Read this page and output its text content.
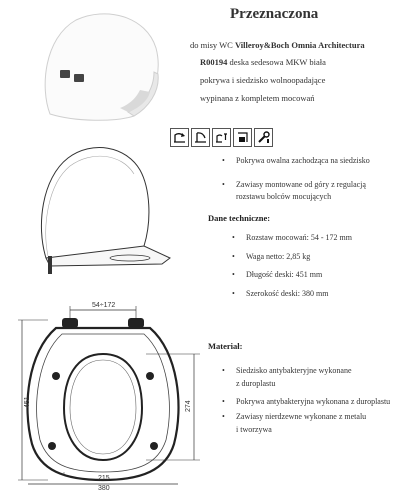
Przeznaczona
do misy WC Villeroy&Boch Omnia Architectura
R00194 deska sedesowa MKW biała
pokrywa i siedzisko wolnoopadające
wypinana z kompletem mocowań
• Pokrywa owalna zachodząca na siedzisko
• Zawiasy montowane od góry z regulacją
rozstawu bolców mocujących
Dane techniczne:
• Rozstaw mocowań: 54 - 172 mm
• Waga netto: 2,85 kg
• Długość deski: 451 mm
• Szerokość deski: 380 mm
54÷172
451	274
215
380
Materiał:
• Siedzisko antybakteryjne wykonane
z duroplastu
• Pokrywa antybakteryjna wykonana z duroplastu
• Zawiasy nierdzewne wykonane z metalu
i tworzywa
